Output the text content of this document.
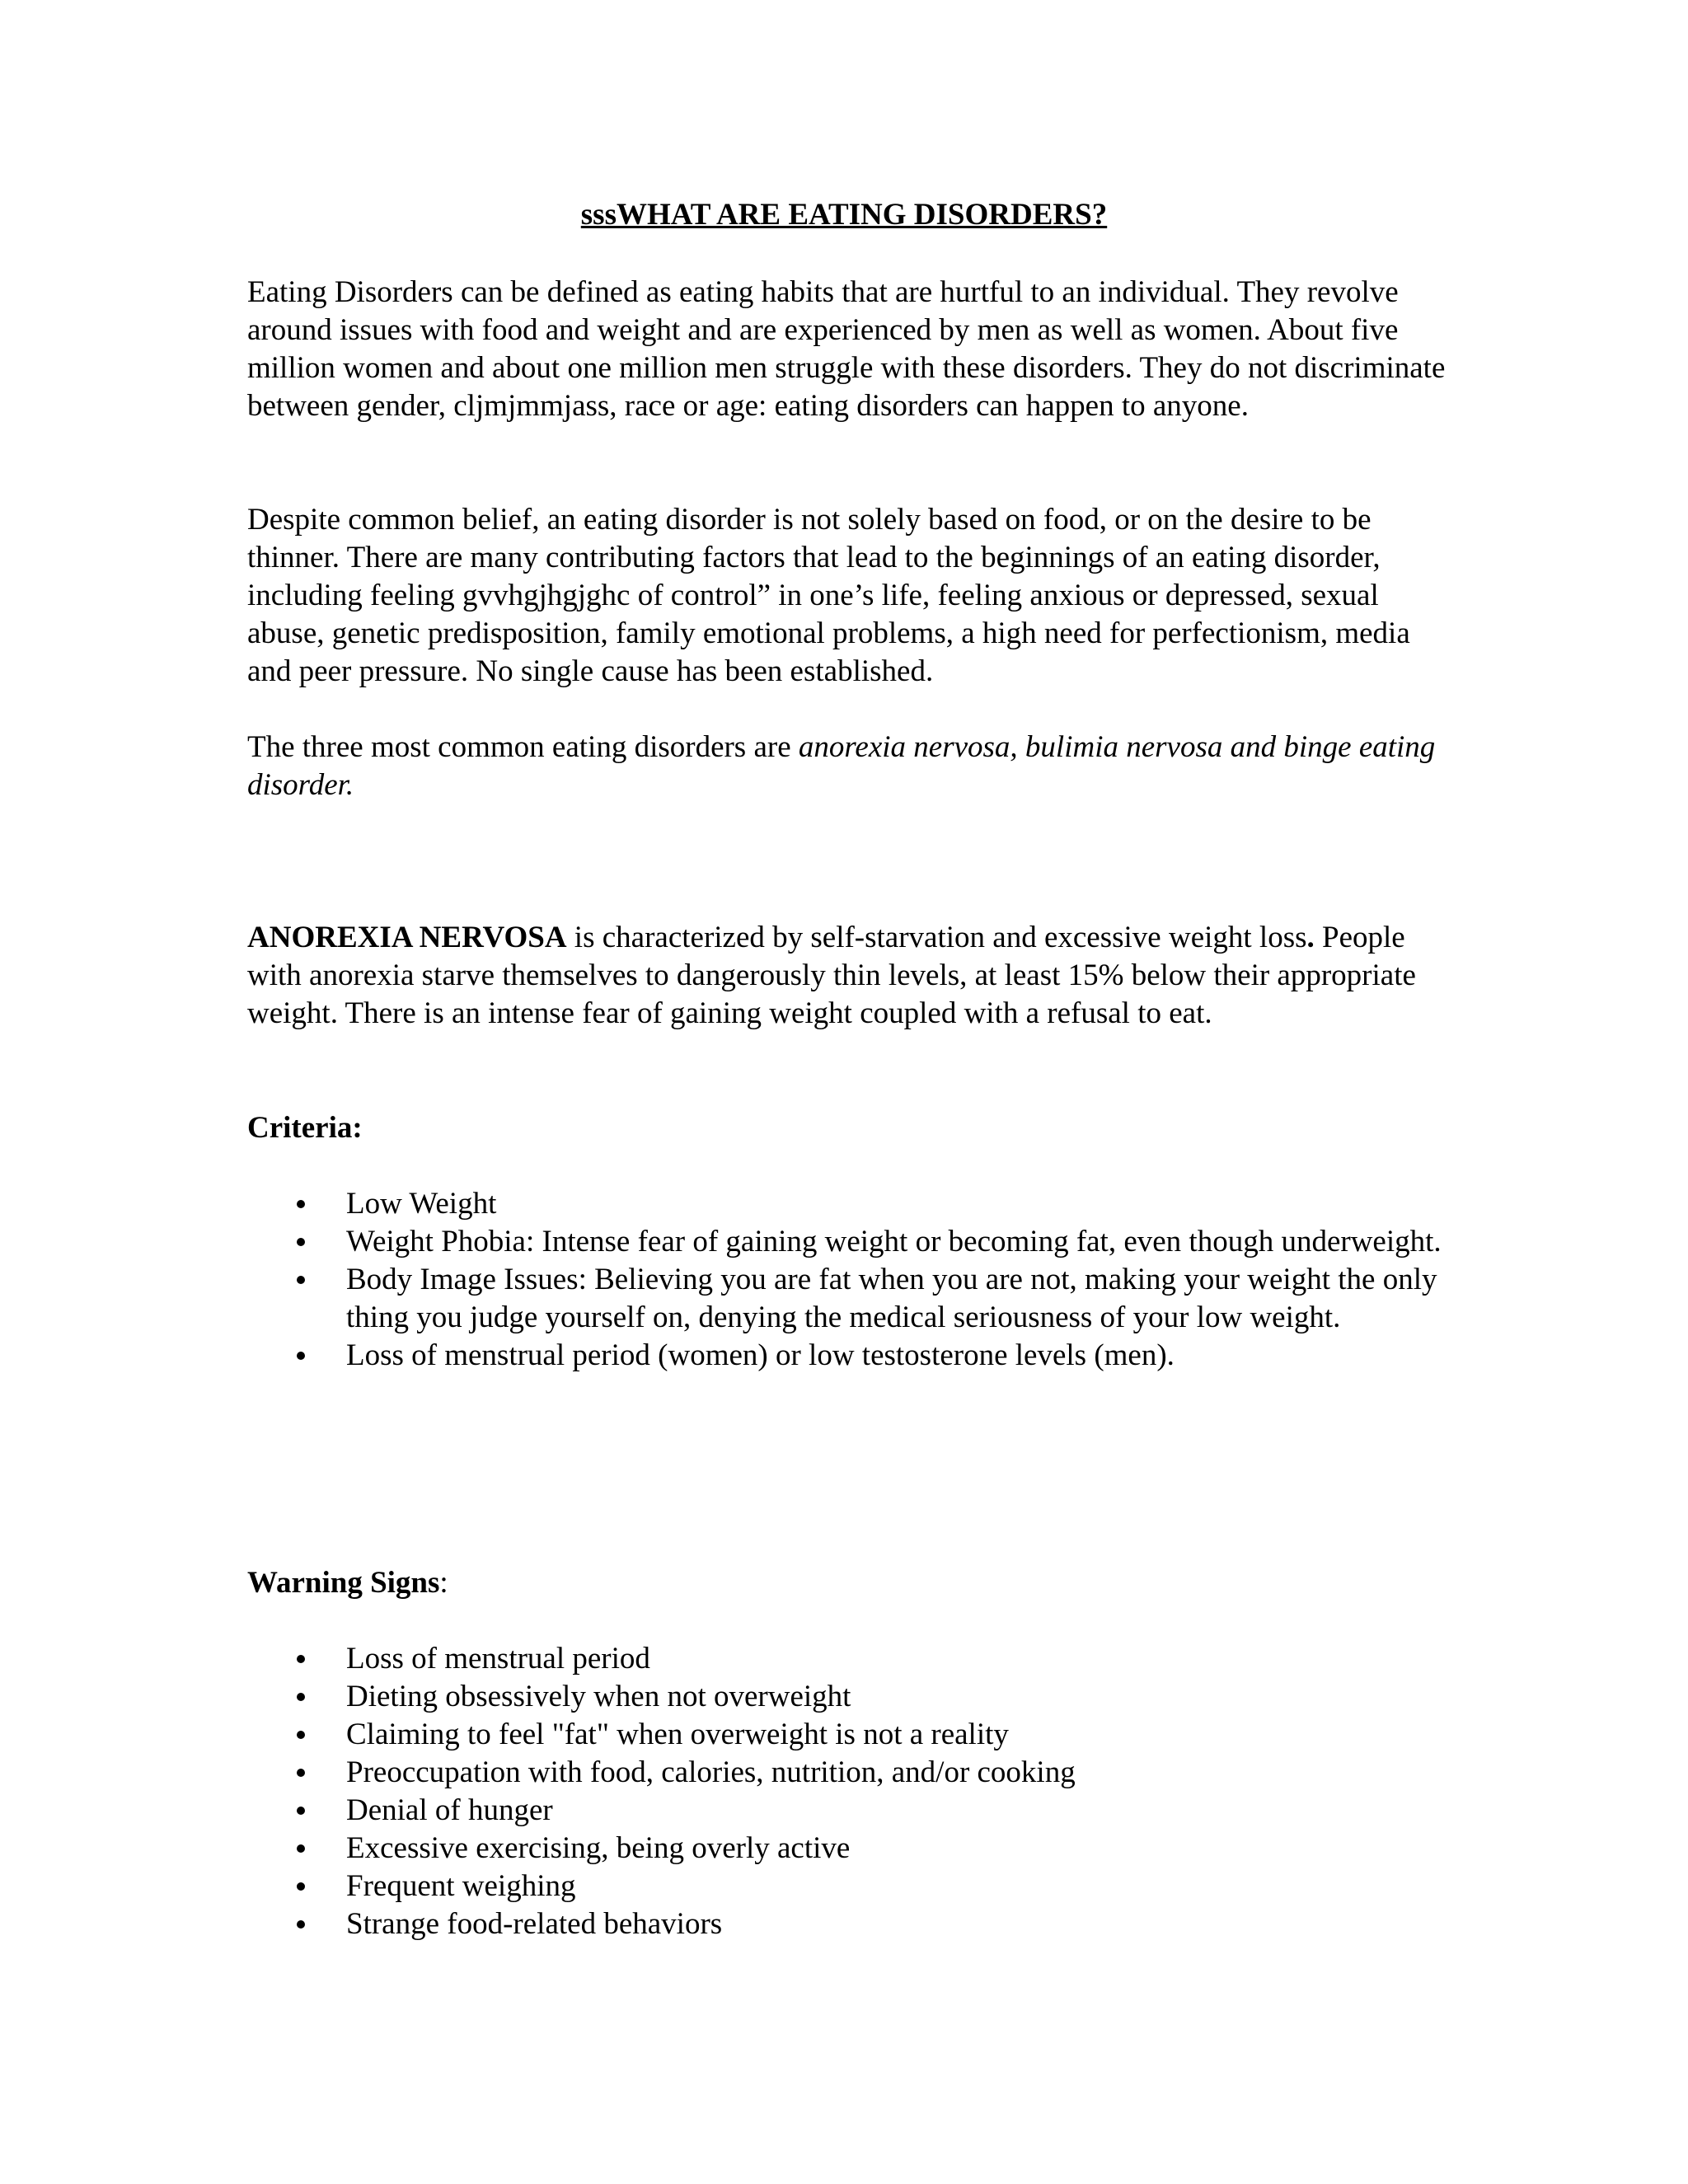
sssWHAT ARE EATING DISORDERS?

Eating Disorders can be defined as eating habits that are hurtful to an individual. They revolve around issues with food and weight and are experienced by men as well as women. About five million women and about one million men struggle with these disorders. They do not discriminate between gender, cljmjmmjass, race or age: eating disorders can happen to anyone.

Despite common belief, an eating disorder is not solely based on food, or on the desire to be thinner. There are many contributing factors that lead to the beginnings of an eating disorder, including feeling gvvhgjhgjghc of control” in one’s life, feeling anxious or depressed, sexual abuse, genetic predisposition, family emotional problems, a high need for perfectionism, media and peer pressure. No single cause has been established.

The three most common eating disorders are anorexia nervosa, bulimia nervosa and binge eating disorder.

ANOREXIA NERVOSA is characterized by self-starvation and excessive weight loss. People with anorexia starve themselves to dangerously thin levels, at least 15% below their appropriate weight. There is an intense fear of gaining weight coupled with a refusal to eat.

Criteria:

Low Weight
Weight Phobia: Intense fear of gaining weight or becoming fat, even though underweight.
Body Image Issues: Believing you are fat when you are not, making your weight the only thing you judge yourself on, denying the medical seriousness of your low weight.
Loss of menstrual period (women) or low testosterone levels (men).

Warning Signs:

Loss of menstrual period
Dieting obsessively when not overweight
Claiming to feel "fat" when overweight is not a reality
Preoccupation with food, calories, nutrition, and/or cooking
Denial of hunger
Excessive exercising, being overly active
Frequent weighing
Strange food-related behaviors
